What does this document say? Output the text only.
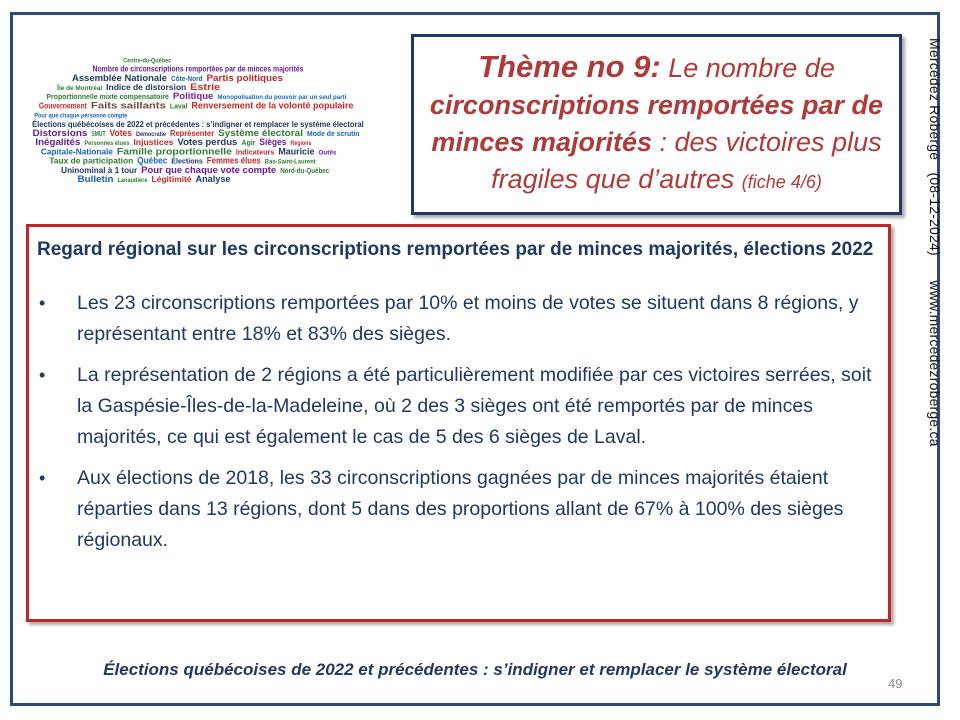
Centre-du-Québec
Nombre de circonscriptions remportées par de minces majorités
Assemblée Nationale Côte-Nord Partis politiques
Île de Montréal Indice de distorsion Estrie
Proportionnelle mixte compensatoire Politique Monopolisation du pouvoir par un seul parti
Gouvernement Faits saillants Laval Renversement de la volonté populaire
Pour que chaque personne compte
Élections québécoises de 2022 et précédentes : s’indigner et remplacer le système électoral
Distorsions SMUT Votes Démocratie Représenter Système électoral Mode de scrutin
Inégalités Personnes élues Injustices Votes perdus Agir Sièges Régions
Capitale-Nationale Famille proportionnelle Indicateurs Mauricie Outils
Taux de participation Québec Élections Femmes élues Bas-Saint-Laurent
Uninominal à 1 tour Pour que chaque vote compte Nord-du-Québec
Bulletin Lanaudière Légitimité Analyse
Thème no 9: Le nombre de circonscriptions remportées par de minces majorités : des victoires plus fragiles que d’autres (fiche 4/6)	Mercédez Roberge   (08-12-2024)      www.mercedezroberge.ca
Regard régional sur les circonscriptions remportées par de minces majorités, élections 2022
•	Les 23 circonscriptions remportées par 10% et moins de votes se situent dans 8 régions, y représentant entre 18% et 83% des sièges.
•	La représentation de 2 régions a été particulièrement modifiée par ces victoires serrées, soit la Gaspésie-Îles-de-la-Madeleine, où 2 des 3 sièges ont été remportés par de minces majorités, ce qui est également le cas de 5 des 6 sièges de Laval.
•	Aux élections de 2018, les 33 circonscriptions gagnées par de minces majorités étaient réparties dans 13 régions, dont 5 dans des proportions allant de 67% à 100% des sièges régionaux.
Élections québécoises de 2022 et précédentes : s’indigner et remplacer le système électoral
49
